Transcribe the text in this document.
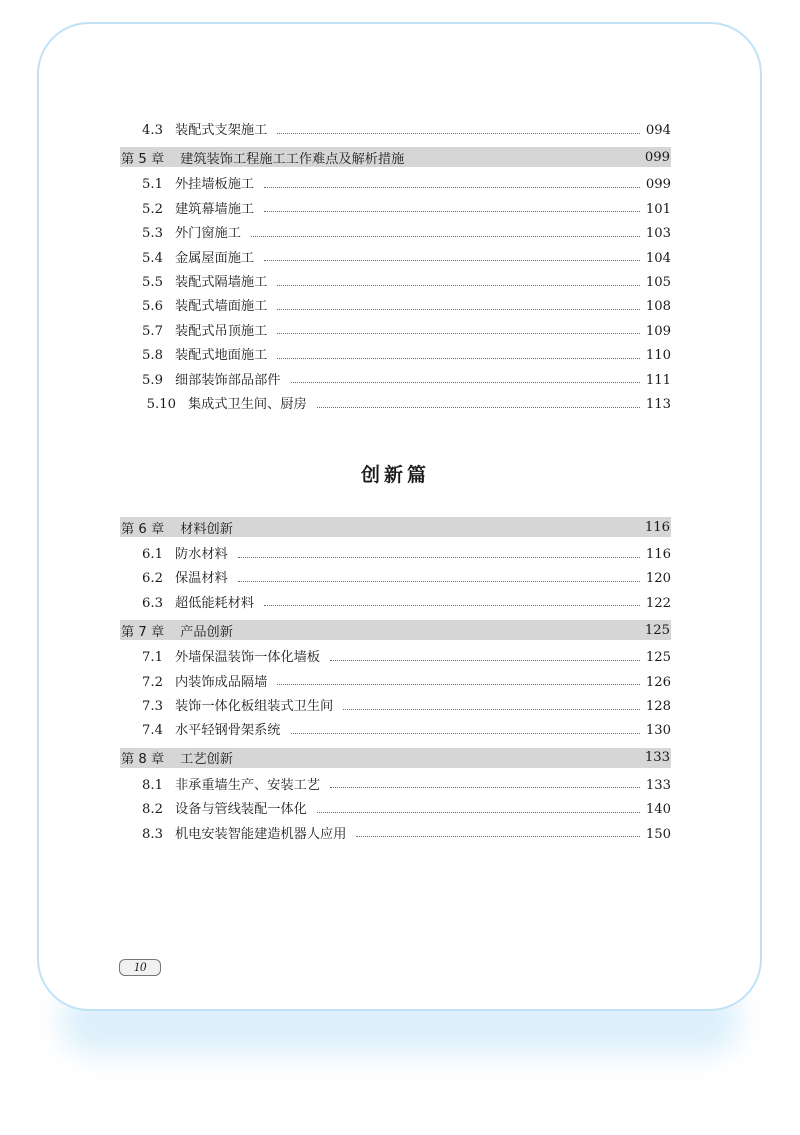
4.3 装配式支架施工	094
第 5 章 建筑装饰工程施工工作难点及解析措施	099
5.1 外挂墙板施工	099
5.2 建筑幕墙施工	101
5.3 外门窗施工	103
5.4 金属屋面施工	104
5.5 装配式隔墙施工	105
5.6 装配式墙面施工	108
5.7 装配式吊顶施工	109
5.8 装配式地面施工	110
5.9 细部装饰部品部件	111
5.10 集成式卫生间、厨房	113
创新篇
第 6 章 材料创新	116
6.1 防水材料	116
6.2 保温材料	120
6.3 超低能耗材料	122
第 7 章 产品创新	125
7.1 外墙保温装饰一体化墙板	125
7.2 内装饰成品隔墙	126
7.3 装饰一体化板组装式卫生间	128
7.4 水平轻钢骨架系统	130
第 8 章 工艺创新	133
8.1 非承重墙生产、安装工艺	133
8.2 设备与管线装配一体化	140
8.3 机电安装智能建造机器人应用	150
10
